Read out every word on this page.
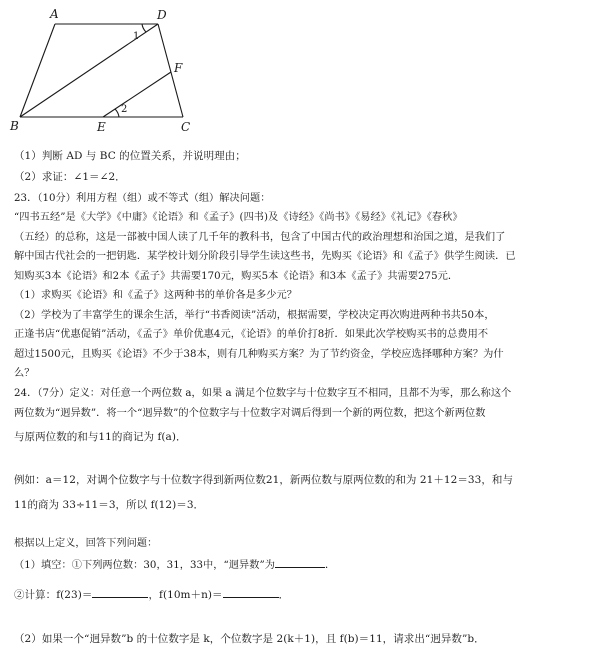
A	D
B	E	C
F
1
2
（1）判断 AD 与 BC 的位置关系，并说明理由；
（2）求证：∠1＝∠2．
23．（10分）利用方程（组）或不等式（组）解决问题：
“四书五经”是《大学》《中庸》《论语》和《孟子》(四书)及《诗经》《尚书》《易经》《礼记》《春秋》
（五经）的总称，这是一部被中国人读了几千年的教科书，包含了中国古代的政治理想和治国之道，是我们了
解中国古代社会的一把钥匙．某学校计划分阶段引导学生读这些书，先购买《论语》和《孟子》供学生阅读．已
知购买3本《论语》和2本《孟子》共需要170元，购买5本《论语》和3本《孟子》共需要275元．
（1）求购买《论语》和《孟子》这两种书的单价各是多少元？
（2）学校为了丰富学生的课余生活，举行“书香阅读”活动，根据需要，学校决定再次购进两种书共50本，
正逢书店“优惠促销”活动，《孟子》单价优惠4元，《论语》的单价打8折．如果此次学校购买书的总费用不
超过1500元，且购买《论语》不少于38本，则有几种购买方案？为了节约资金，学校应选择哪种方案？为什
么？
24．（7分）定义：对任意一个两位数 a，如果 a 满足个位数字与十位数字互不相同，且都不为零，那么称这个
两位数为“迥异数”．将一个“迥异数”的个位数字与十位数字对调后得到一个新的两位数，把这个新两位数
与原两位数的和与11的商记为 f(a)．
例如：a＝12，对调个位数字与十位数字得到新两位数21，新两位数与原两位数的和为 21＋12＝33，和与
11的商为 33÷11＝3，所以 f(12)＝3．
根据以上定义，回答下列问题：
（1）填空：①下列两位数：30，31，33中，“迥异数”为	．
②计算：f(23)＝	，f(10m＋n)＝	．
（2）如果一个“迥异数”b 的十位数字是 k，个位数字是 2(k＋1)，且 f(b)＝11，请求出“迥异数”b．
